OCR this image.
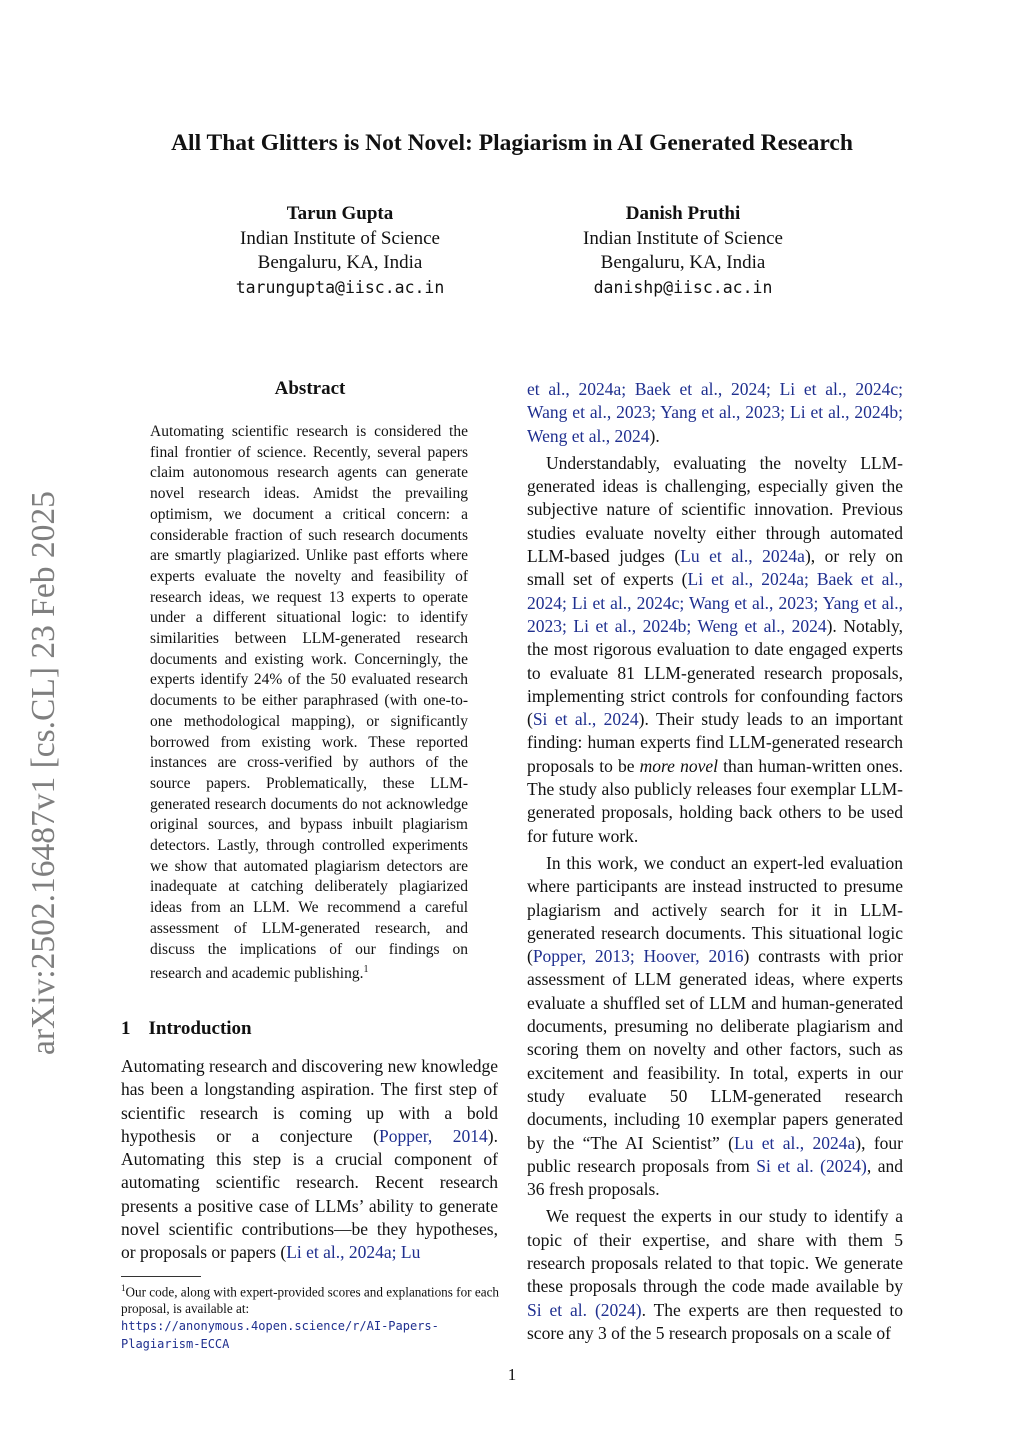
All That Glitters is Not Novel: Plagiarism in AI Generated Research
Tarun Gupta
Indian Institute of Science
Bengaluru, KA, India
tarungupta@iisc.ac.in
Danish Pruthi
Indian Institute of Science
Bengaluru, KA, India
danishp@iisc.ac.in
arXiv:2502.16487v1 [cs.CL] 23 Feb 2025
Abstract

Automating scientific research is considered the final frontier of science. Recently, several papers claim autonomous research agents can generate novel research ideas. Amidst the prevailing optimism, we document a critical concern: a considerable fraction of such research documents are smartly plagiarized. Unlike past efforts where experts evaluate the novelty and feasibility of research ideas, we request 13 experts to operate under a different situational logic: to identify similarities between LLM-generated research documents and existing work. Concerningly, the experts identify 24% of the 50 evaluated research documents to be either paraphrased (with one-to-one methodological mapping), or significantly borrowed from existing work. These reported instances are cross-verified by authors of the source papers. Problematically, these LLM-generated research documents do not acknowledge original sources, and bypass inbuilt plagiarism detectors. Lastly, through controlled experiments we show that automated plagiarism detectors are inadequate at catching deliberately plagiarized ideas from an LLM. We recommend a careful assessment of LLM-generated research, and discuss the implications of our findings on research and academic publishing.$^1$

1 Introduction

Automating research and discovering new knowledge has been a longstanding aspiration. The first step of scientific research is coming up with a bold hypothesis or a conjecture (Popper, 2014). Automating this step is a crucial component of automating scientific research. Recent research presents a positive case of LLMs’ ability to generate novel scientific contributions—be they hypotheses, or proposals or papers (Li et al., 2024a; Lu

et al., 2024a; Baek et al., 2024; Li et al., 2024c; Wang et al., 2023; Yang et al., 2023; Li et al., 2024b; Weng et al., 2024).

Understandably, evaluating the novelty LLM-generated ideas is challenging, especially given the subjective nature of scientific innovation. Previous studies evaluate novelty either through automated LLM-based judges (Lu et al., 2024a), or rely on small set of experts (Li et al., 2024a; Baek et al., 2024; Li et al., 2024c; Wang et al., 2023; Yang et al., 2023; Li et al., 2024b; Weng et al., 2024). Notably, the most rigorous evaluation to date engaged experts to evaluate 81 LLM-generated research proposals, implementing strict controls for confounding factors (Si et al., 2024). Their study leads to an important finding: human experts find LLM-generated research proposals to be more novel than human-written ones. The study also publicly releases four exemplar LLM-generated proposals, holding back others to be used for future work.

In this work, we conduct an expert-led evaluation where participants are instead instructed to presume plagiarism and actively search for it in LLM-generated research documents. This situational logic (Popper, 2013; Hoover, 2016) contrasts with prior assessment of LLM generated ideas, where experts evaluate a shuffled set of LLM and human-generated documents, presuming no deliberate plagiarism and scoring them on novelty and other factors, such as excitement and feasibility. In total, experts in our study evaluate 50 LLM-generated research documents, including 10 exemplar papers generated by the “The AI Scientist” (Lu et al., 2024a), four public research proposals from Si et al. (2024), and 36 fresh proposals.

We request the experts in our study to identify a topic of their expertise, and share with them 5 research proposals related to that topic. We generate these proposals through the code made available by Si et al. (2024). The experts are then requested to score any 3 of the 5 research proposals on a scale of

$^1$Our code, along with expert-provided scores and explanations for each proposal, is available at: https://anonymous.4open.science/r/AI-Papers-Plagiarism-ECCA
1
